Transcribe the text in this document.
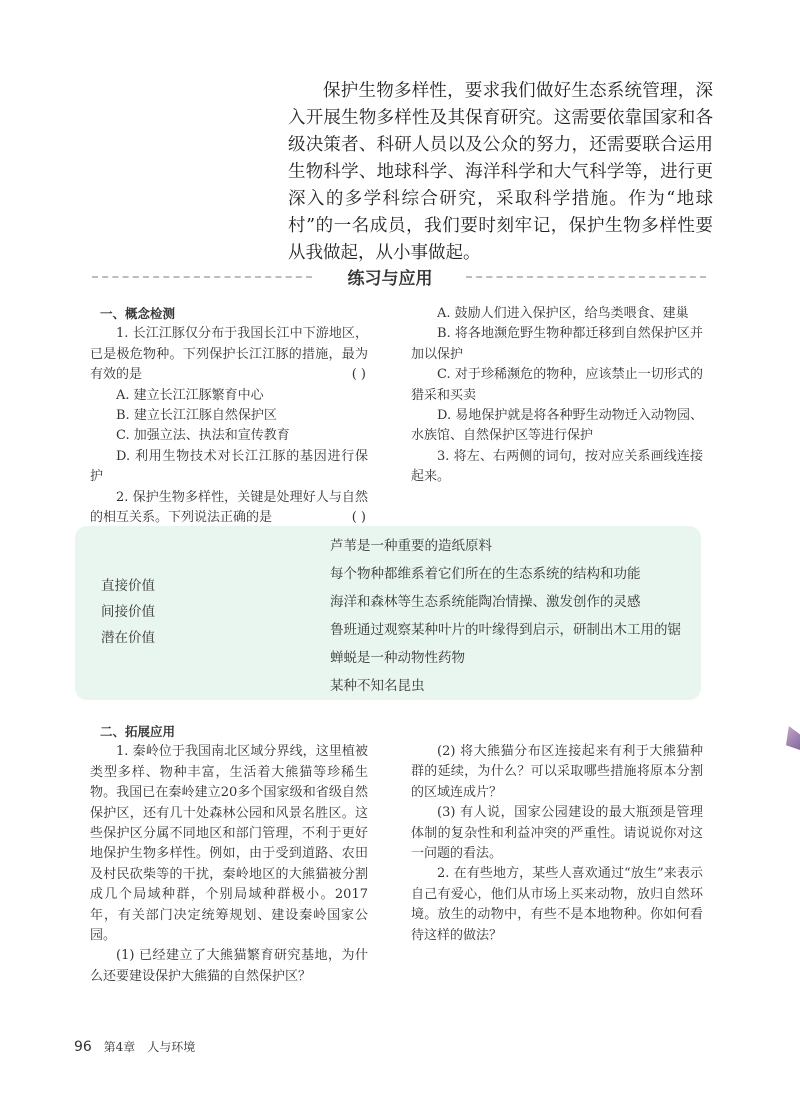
保护生物多样性，要求我们做好生态系统管理，深入开展生物多样性及其保育研究。这需要依靠国家和各级决策者、科研人员以及公众的努力，还需要联合运用生物科学、地球科学、海洋科学和大气科学等，进行更深入的多学科综合研究，采取科学措施。作为“地球村”的一名成员，我们要时刻牢记，保护生物多样性要从我做起，从小事做起。

练习与应用
一、概念检测

1. 长江江豚仅分布于我国长江中下游地区，已是极危物种。下列保护长江江豚的措施，最为有效的是	( )

A. 建立长江江豚繁育中心

B. 建立长江江豚自然保护区

C. 加强立法、执法和宣传教育

D. 利用生物技术对长江江豚的基因进行保护

2. 保护生物多样性，关键是处理好人与自然的相互关系。下列说法正确的是	( )

A. 鼓励人们进入保护区，给鸟类喂食、建巢

B. 将各地濒危野生物种都迁移到自然保护区并加以保护

C. 对于珍稀濒危的物种，应该禁止一切形式的猎采和买卖

D. 易地保护就是将各种野生动物迁入动物园、水族馆、自然保护区等进行保护

3. 将左、右两侧的词句，按对应关系画线连接起来。

直接价值
间接价值
潜在价值
芦苇是一种重要的造纸原料
每个物种都维系着它们所在的生态系统的结构和功能
海洋和森林等生态系统能陶冶情操、激发创作的灵感
鲁班通过观察某种叶片的叶缘得到启示，研制出木工用的锯
蝉蜕是一种动物性药物
某种不知名昆虫
二、拓展应用

1. 秦岭位于我国南北区域分界线，这里植被类型多样、物种丰富，生活着大熊猫等珍稀生物。我国已在秦岭建立20多个国家级和省级自然保护区，还有几十处森林公园和风景名胜区。这些保护区分属不同地区和部门管理，不利于更好地保护生物多样性。例如，由于受到道路、农田及村民砍柴等的干扰，秦岭地区的大熊猫被分割成几个局域种群，个别局域种群极小。2017年，有关部门决定统筹规划、建设秦岭国家公园。

(1) 已经建立了大熊猫繁育研究基地，为什么还要建设保护大熊猫的自然保护区？

(2) 将大熊猫分布区连接起来有利于大熊猫种群的延续，为什么？可以采取哪些措施将原本分割的区域连成片？

(3) 有人说，国家公园建设的最大瓶颈是管理体制的复杂性和利益冲突的严重性。请说说你对这一问题的看法。

2. 在有些地方，某些人喜欢通过“放生”来表示自己有爱心，他们从市场上买来动物，放归自然环境。放生的动物中，有些不是本地物种。你如何看待这样的做法？

96 第4章　人与环境
